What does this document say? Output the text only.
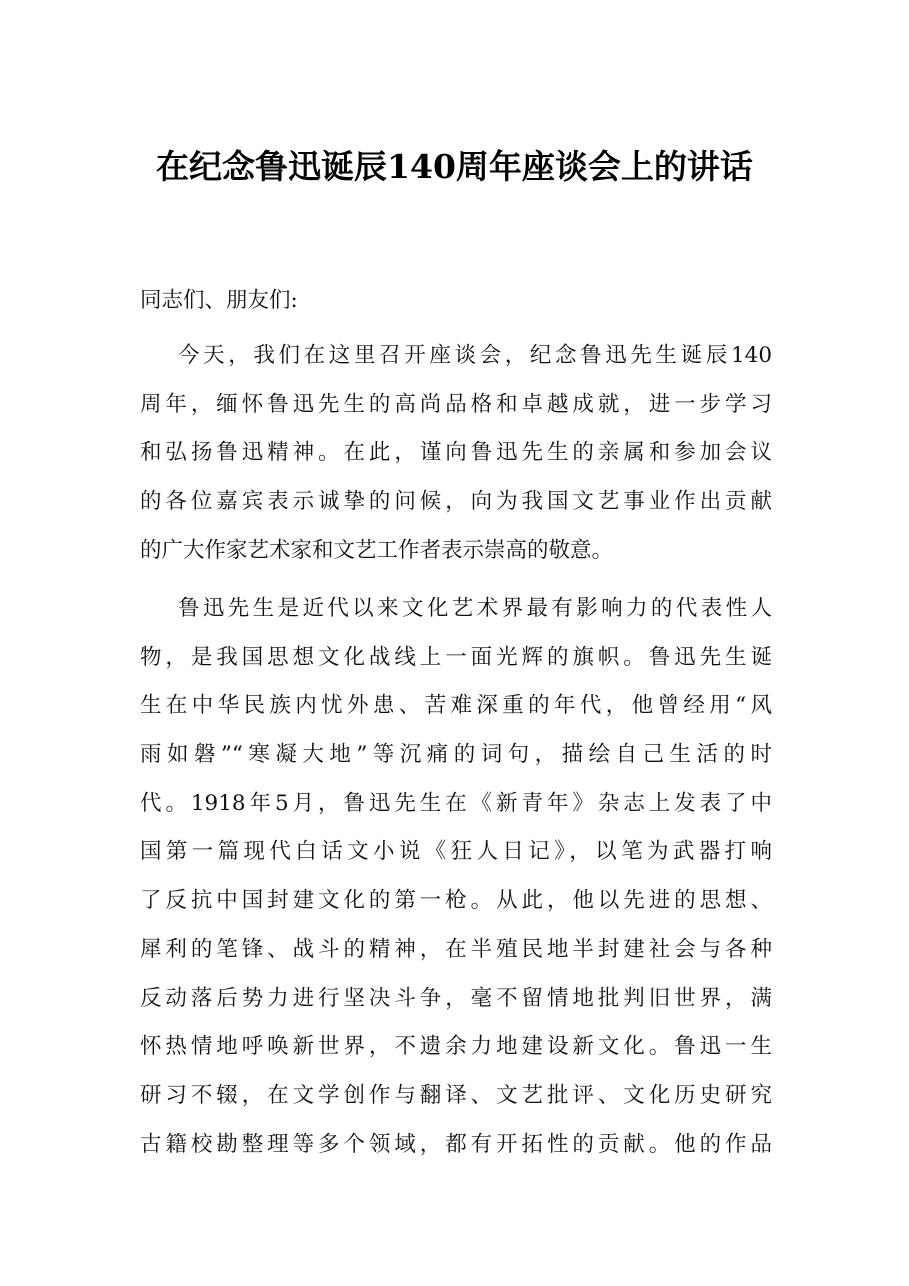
在纪念鲁迅诞辰140周年座谈会上的讲话
同志们、朋友们:
今天，我们在这里召开座谈会，纪念鲁迅先生诞辰140
周年，缅怀鲁迅先生的高尚品格和卓越成就，进一步学习
和弘扬鲁迅精神。在此，谨向鲁迅先生的亲属和参加会议
的各位嘉宾表示诚挚的问候，向为我国文艺事业作出贡献
的广大作家艺术家和文艺工作者表示崇高的敬意。
鲁迅先生是近代以来文化艺术界最有影响力的代表性人
物，是我国思想文化战线上一面光辉的旗帜。鲁迅先生诞
生在中华民族内忧外患、苦难深重的年代，他曾经用“风
雨如磐”“寒凝大地”等沉痛的词句，描绘自己生活的时
代。1918年5月，鲁迅先生在《新青年》杂志上发表了中
国第一篇现代白话文小说《狂人日记》，以笔为武器打响
了反抗中国封建文化的第一枪。从此，他以先进的思想、
犀利的笔锋、战斗的精神，在半殖民地半封建社会与各种
反动落后势力进行坚决斗争，毫不留情地批判旧世界，满
怀热情地呼唤新世界，不遗余力地建设新文化。鲁迅一生
研习不辍，在文学创作与翻译、文艺批评、文化历史研究
古籍校勘整理等多个领域，都有开拓性的贡献。他的作品
